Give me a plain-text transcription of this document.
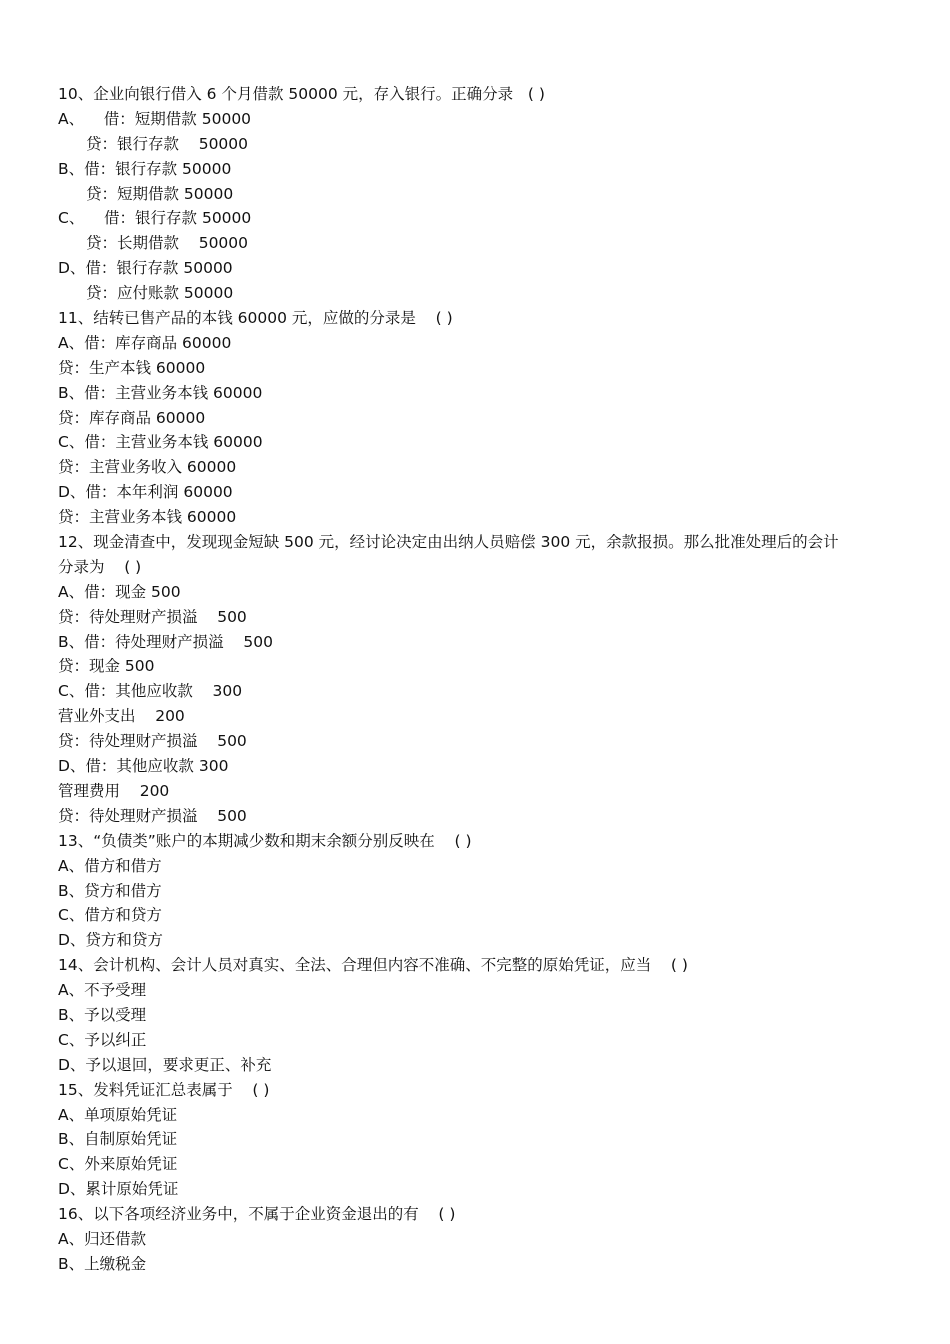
10、企业向银行借入 6 个月借款 50000 元，存入银行。正确分录   ( )
A、    借：短期借款 50000
贷：银行存款    50000
B、借：银行存款 50000
贷：短期借款 50000
C、    借：银行存款 50000
贷：长期借款    50000
D、借：银行存款 50000
贷：应付账款 50000
11、结转已售产品的本钱 60000 元，应做的分录是    ( )
A、借：库存商品 60000
贷：生产本钱 60000
B、借：主营业务本钱 60000
贷：库存商品 60000
C、借：主营业务本钱 60000
贷：主营业务收入 60000
D、借：本年利润 60000
贷：主营业务本钱 60000
12、现金清查中，发现现金短缺 500 元，经讨论决定由出纳人员赔偿 300 元，余款报损。那么批准处理后的会计
分录为    ( )
A、借：现金 500
贷：待处理财产损溢    500
B、借：待处理财产损溢    500
贷：现金 500
C、借：其他应收款    300
营业外支出    200
贷：待处理财产损溢    500
D、借：其他应收款 300
管理费用    200
贷：待处理财产损溢    500
13、“负债类”账户的本期减少数和期末余额分别反映在    ( )
A、借方和借方
B、贷方和借方
C、借方和贷方
D、贷方和贷方
14、会计机构、会计人员对真实、全法、合理但内容不准确、不完整的原始凭证，应当    ( )
A、不予受理
B、予以受理
C、予以纠正
D、予以退回，要求更正、补充
15、发料凭证汇总表属于    ( )
A、单项原始凭证
B、自制原始凭证
C、外来原始凭证
D、累计原始凭证
16、以下各项经济业务中，不属于企业资金退出的有    ( )
A、归还借款
B、上缴税金
